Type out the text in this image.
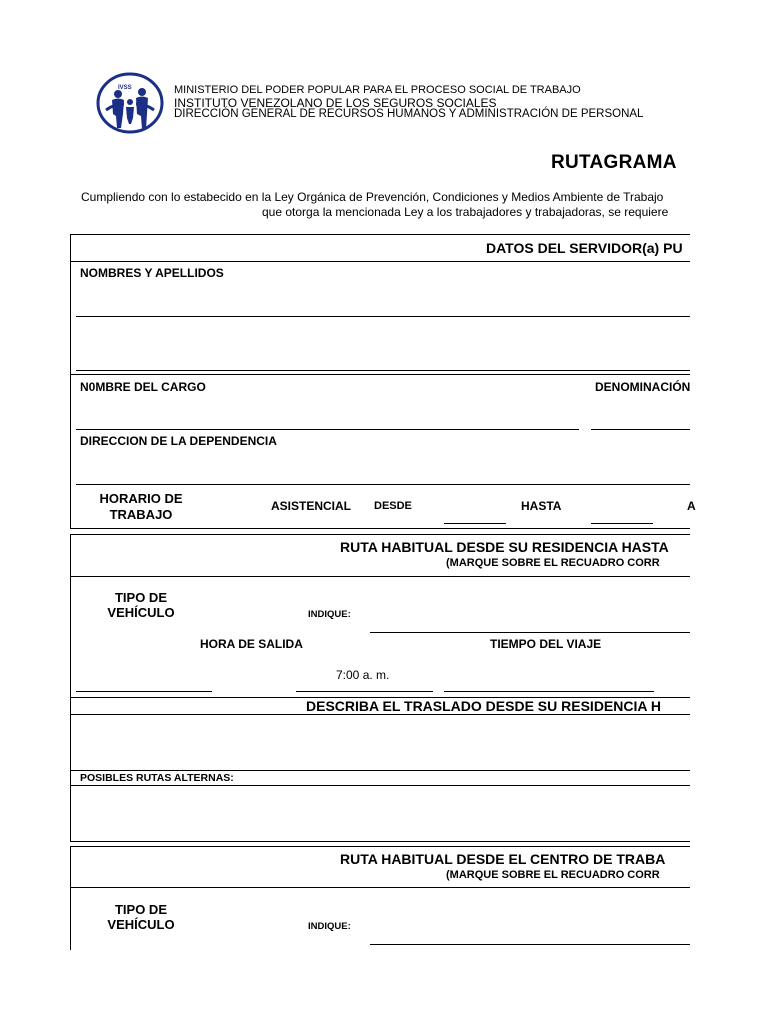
IVSS	MINISTERIO DEL PODER POPULAR PARA EL PROCESO SOCIAL DE TRABAJO
INSTITUTO VENEZOLANO DE LOS SEGUROS SOCIALES
DIRECCIÓN GENERAL DE RECURSOS HUMANOS Y ADMINISTRACIÓN DE PERSONAL
RUTAGRAMA
Cumpliendo con lo estabecido en la Ley Orgánica de Prevención, Condiciones y Medios Ambiente de Trabajo
que otorga la mencionada Ley a los trabajadores y trabajadoras, se requiere
DATOS DEL SERVIDOR(a) PU
NOMBRES Y APELLIDOS
N0MBRE DEL CARGO	DENOMINACIÓN
DIRECCION DE LA DEPENDENCIA
HORARIO DE
TRABAJO
ASISTENCIAL DESDE	HASTA	A
RUTA HABITUAL DESDE SU RESIDENCIA HASTA
(MARQUE SOBRE EL RECUADRO CORR
TIPO DE
VEHÍCULO	INDIQUE:
HORA DE SALIDA	TIEMPO DEL VIAJE
7:00 a. m.
DESCRIBA EL TRASLADO DESDE SU RESIDENCIA H
POSIBLES RUTAS ALTERNAS:
RUTA HABITUAL DESDE EL CENTRO DE TRABA
(MARQUE SOBRE EL RECUADRO CORR
TIPO DE
VEHÍCULO	INDIQUE:
